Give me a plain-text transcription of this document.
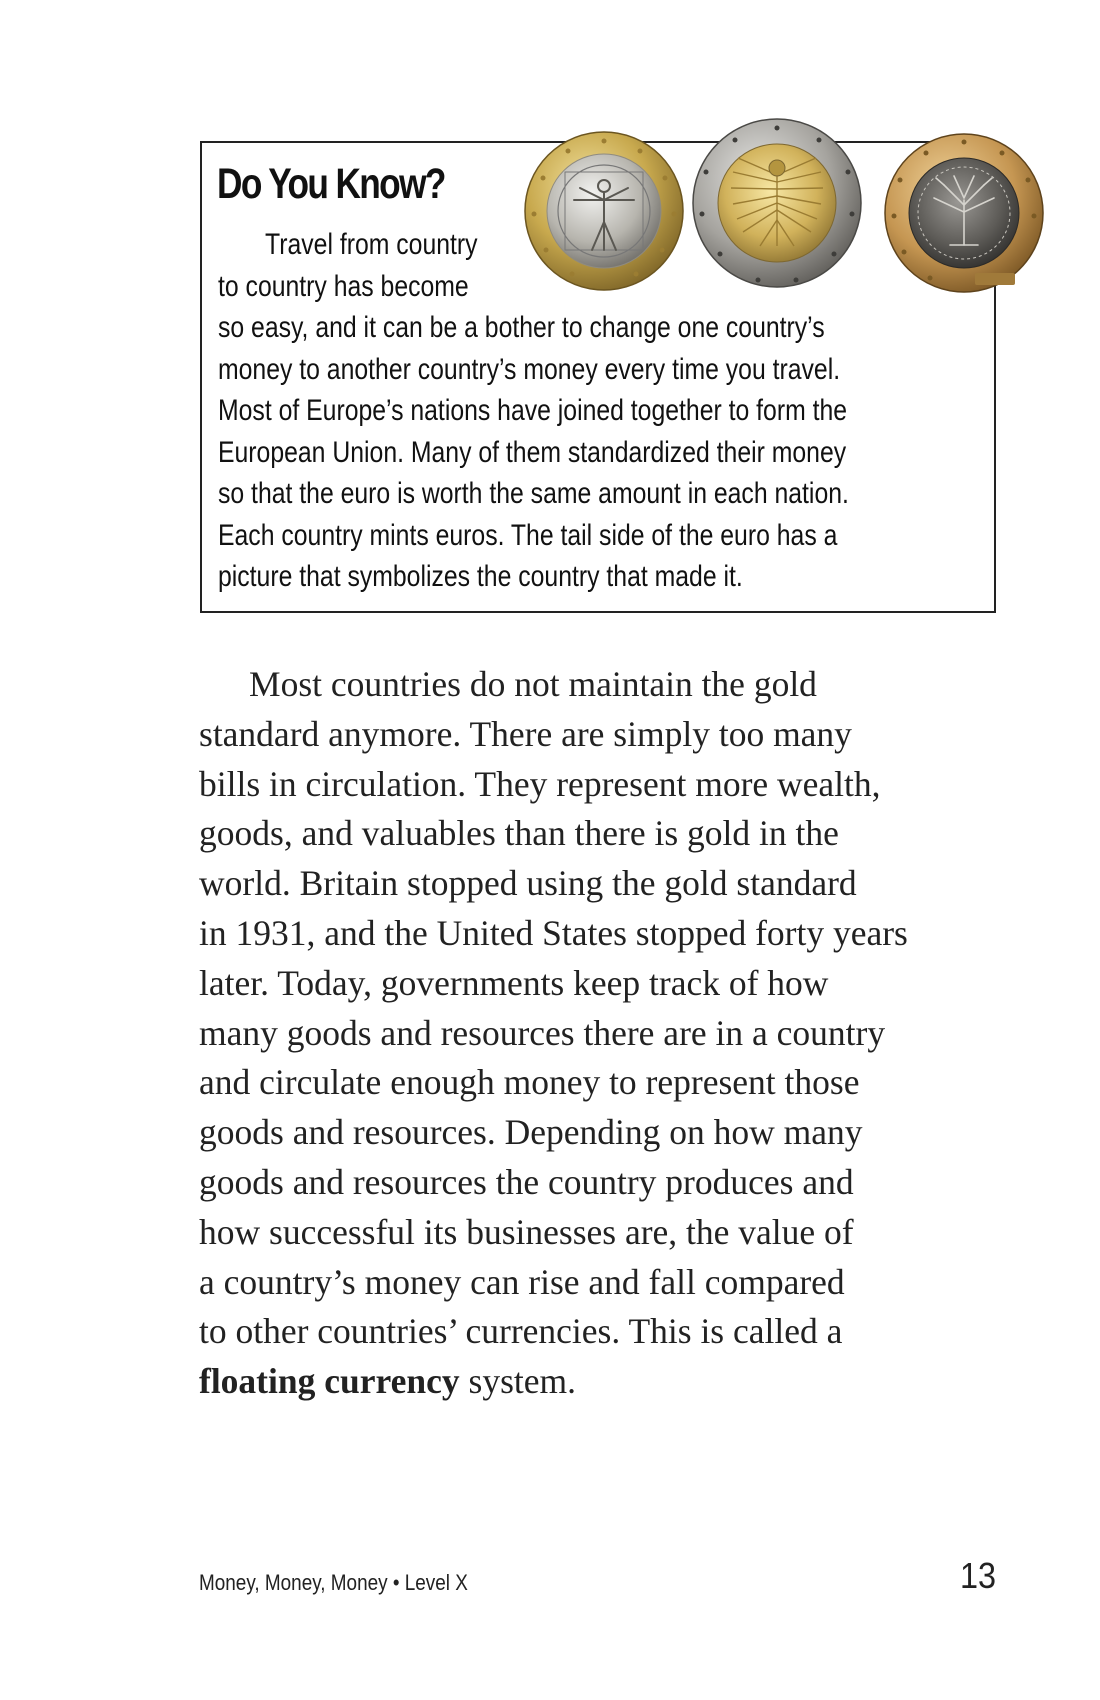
Do You Know?
Travel from country
to country has become
so easy, and it can be a bother to change one country’s
money to another country’s money every time you travel.
Most of Europe’s nations have joined together to form the
European Union. Many of them standardized their money
so that the euro is worth the same amount in each nation.
Each country mints euros. The tail side of the euro has a
picture that symbolizes the country that made it.
Most countries do not maintain the gold
standard anymore. There are simply too many
bills in circulation. They represent more wealth,
goods, and valuables than there is gold in the
world. Britain stopped using the gold standard
in 1931, and the United States stopped forty years
later. Today, governments keep track of how
many goods and resources there are in a country
and circulate enough money to represent those
goods and resources. Depending on how many
goods and resources the country produces and
how successful its businesses are, the value of
a country’s money can rise and fall compared
to other countries’ currencies. This is called a
floating currency system.
Money, Money, Money • Level X	13
